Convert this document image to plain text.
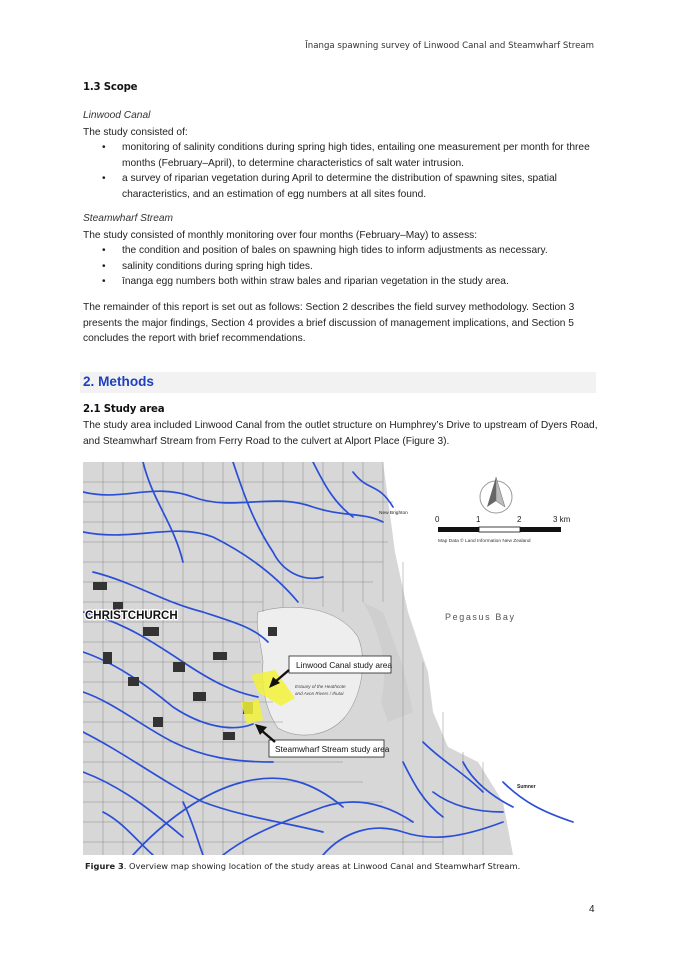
Īnanga spawning survey of Linwood Canal and Steamwharf Stream
1.3 Scope
Linwood Canal
The study consisted of:
• monitoring of salinity conditions during spring high tides, entailing one measurement per month for three months (February–April), to determine characteristics of salt water intrusion.
• a survey of riparian vegetation during April to determine the distribution of spawning sites, spatial characteristics, and an estimation of egg numbers at all sites found.
Steamwharf Stream
The study consisted of monthly monitoring over four months (February–May) to assess:
• the condition and position of bales on spawning high tides to inform adjustments as necessary.
• salinity conditions during spring high tides.
• īnanga egg numbers both within straw bales and riparian vegetation in the study area.
The remainder of this report is set out as follows: Section 2 describes the field survey methodology. Section 3 presents the major findings, Section 4 provides a brief discussion of management implications, and Section 5 concludes the report with brief recommendations.
2. Methods
2.1 Study area
The study area included Linwood Canal from the outlet structure on Humphrey’s Drive to upstream of Dyers Road, and Steamwharf Stream from Ferry Road to the culvert at Alport Place (Figure 3).
Linwood Canal study area
Steamwharf Stream study area
CHRISTCHURCH	Pegasus Bay
Estuary of the Heathcote
and Avon Rivers / Ihutai
New Brighton
Sumner
0	1	2	3 km
Map Data © Land Information New Zealand
Figure 3. Overview map showing location of the study areas at Linwood Canal and Steamwharf Stream.
4
